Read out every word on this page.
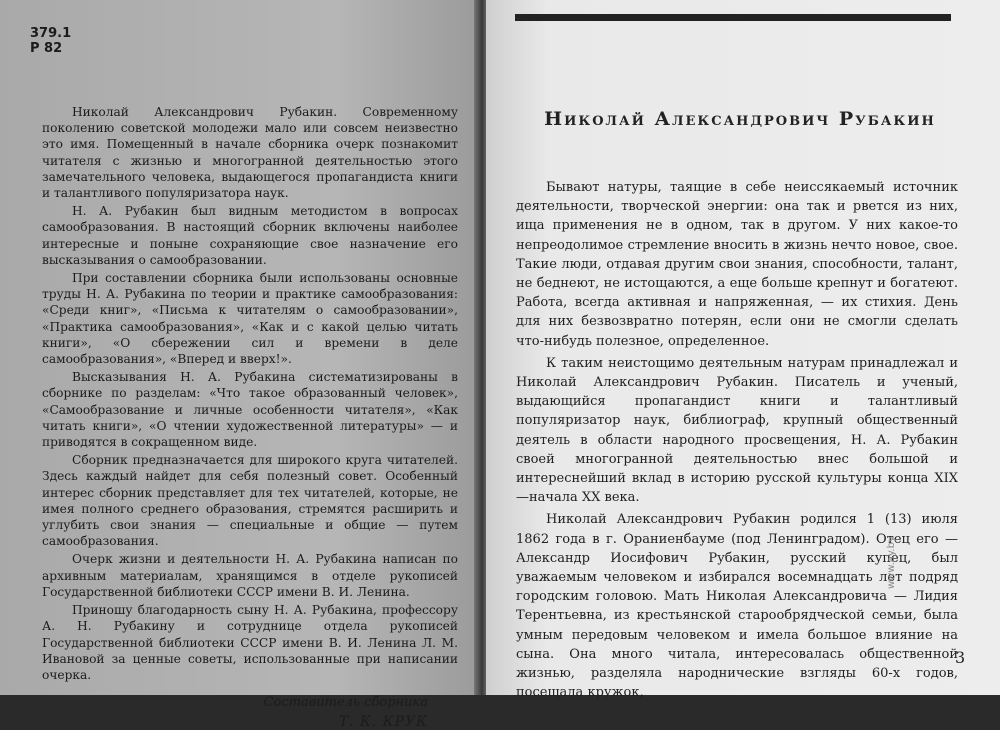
379.1

Р 82

Николай Александрович Рубакин. Современному поколению советской молодежи мало или совсем неизвестно это имя. Помещенный в начале сборника очерк познакомит читателя с жизнью и многогранной деятельностью этого замечательного человека, выдающегося пропагандиста книги и талантливого популяризатора наук.

Н. А. Рубакин был видным методистом в вопросах самообразования. В настоящий сборник включены наиболее интересные и поныне сохраняющие свое назначение его высказывания о самообразовании.

При составлении сборника были использованы основные труды Н. А. Рубакина по теории и практике самообразования: «Среди книг», «Письма к читателям о самообразовании», «Практика самообразования», «Как и с какой целью читать книги», «О сбережении сил и времени в деле самообразования», «Вперед и вверх!».

Высказывания Н. А. Рубакина систематизированы в сборнике по разделам: «Что такое образованный человек», «Самообразование и личные особенности читателя», «Как читать книги», «О чтении художественной литературы» — и приводятся в сокращенном виде.

Сборник предназначается для широкого круга читателей. Здесь каждый найдет для себя полезный совет. Особенный интерес сборник представляет для тех читателей, которые, не имея полного среднего образования, стремятся расширить и углубить свои знания — специальные и общие — путем самообразования.

Очерк жизни и деятельности Н. А. Рубакина написан по архивным материалам, хранящимся в отделе рукописей Государственной библиотеки СССР имени В. И. Ленина.

Приношу благодарность сыну Н. А. Рубакина, профессору А. Н. Рубакину и сотруднице отдела рукописей Государственной библиотеки СССР имени В. И. Ленина Л. М. Ивановой за ценные советы, использованные при написании очерка.

Составитель сборника
Т. К. КРУК
Николай Александрович Рубакин

Бывают натуры, таящие в себе неиссякаемый источник деятельности, творческой энергии: она так и рвется из них, ища применения не в одном, так в другом. У них какое-то непреодолимое стремление вносить в жизнь нечто новое, свое. Такие люди, отдавая другим свои знания, способности, талант, не беднеют, не истощаются, а еще больше крепнут и богатеют. Работа, всегда активная и напряженная, — их стихия. День для них безвозвратно потерян, если они не смогли сделать что-нибудь полезное, определенное.

К таким неистощимо деятельным натурам принадлежал и Николай Александрович Рубакин. Писатель и ученый, выдающийся пропагандист книги и талантливый популяризатор наук, библиограф, крупный общественный деятель в области народного просвещения, Н. А. Рубакин своей многогранной деятельностью внес большой и интереснейший вклад в историю русской культуры конца XIX—начала XX века.

Николай Александрович Рубакин родился 1 (13) июля 1862 года в г. Ораниенбауме (под Ленинградом). Отец его — Александр Иосифович Рубакин, русский купец, был уважаемым человеком и избирался восемнадцать лет подряд городским головою. Мать Николая Александровича — Лидия Терентьевна, из крестьянской старообрядческой семьи, была умным передовым человеком и имела большое влияние на сына. Она много читала, интересовалась общественной жизнью, разделяла народнические взгляды 60-х годов, посещала кружок,

3

www.ay.by
